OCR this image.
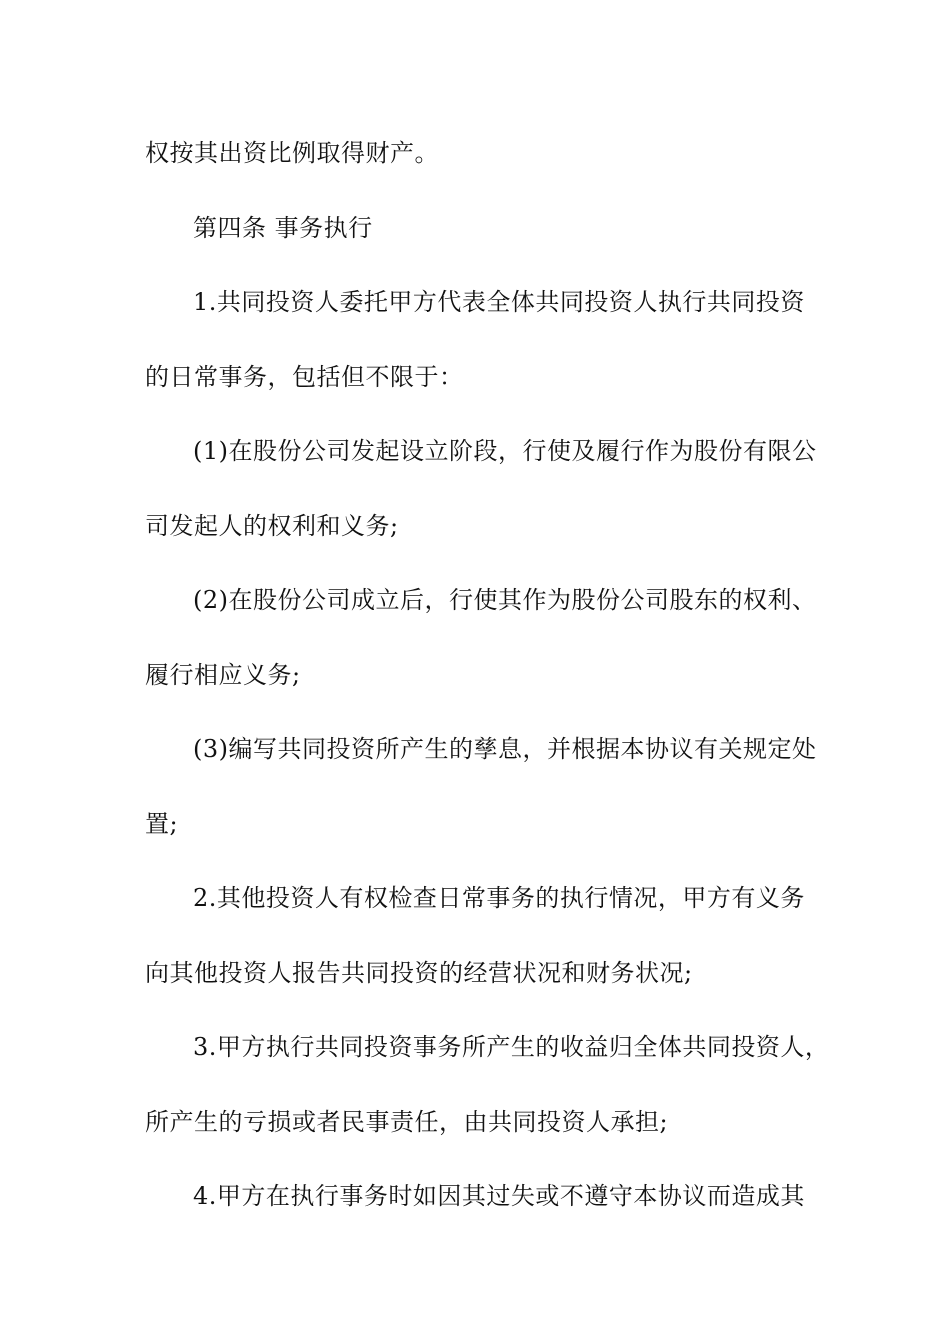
权按其出资比例取得财产。
第四条 事务执行
1.共同投资人委托甲方代表全体共同投资人执行共同投资
的日常事务，包括但不限于：
(1)在股份公司发起设立阶段，行使及履行作为股份有限公
司发起人的权利和义务;
(2)在股份公司成立后，行使其作为股份公司股东的权利、
履行相应义务;
(3)编写共同投资所产生的孳息，并根据本协议有关规定处
置;
2.其他投资人有权检查日常事务的执行情况，甲方有义务
向其他投资人报告共同投资的经营状况和财务状况;
3.甲方执行共同投资事务所产生的收益归全体共同投资人，
所产生的亏损或者民事责任，由共同投资人承担;
4.甲方在执行事务时如因其过失或不遵守本协议而造成其
